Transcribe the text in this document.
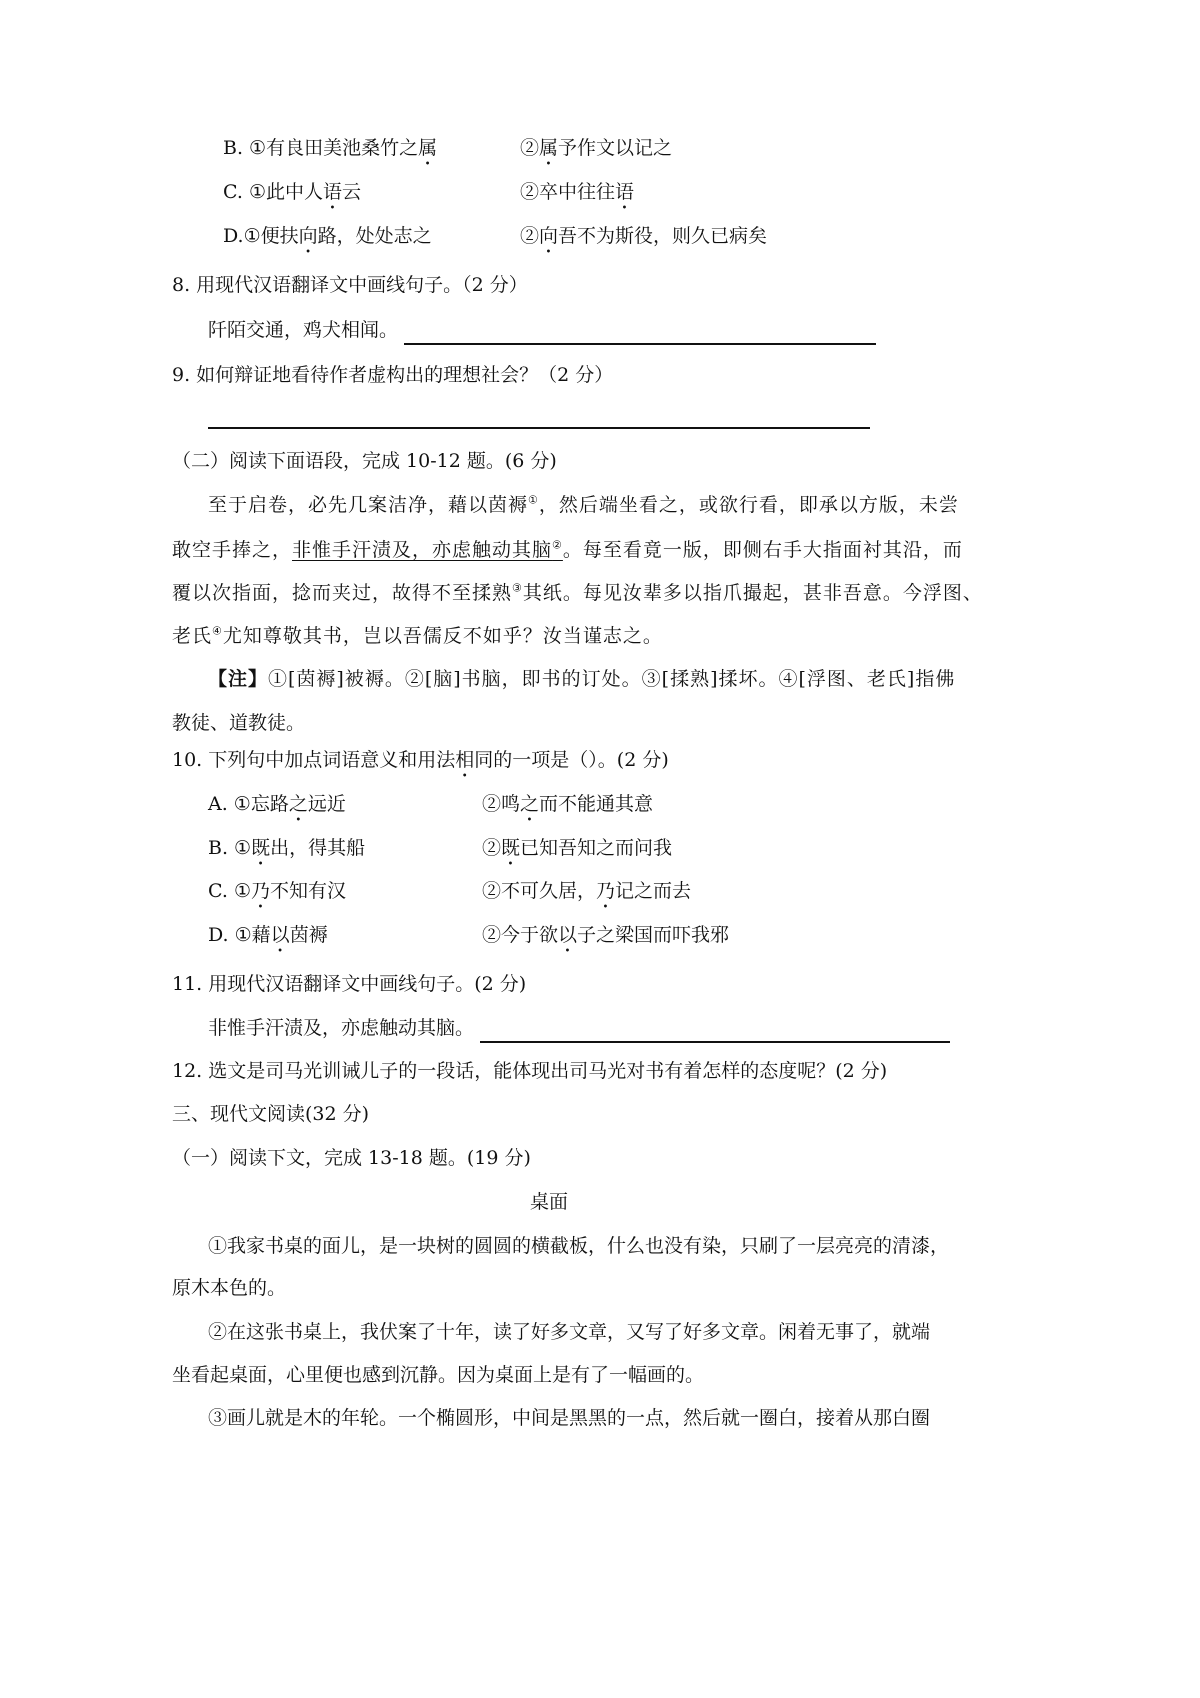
B. ①有良田美池桑竹之属	②属予作文以记之
C. ①此中人语云	②卒中往往语
D.①便扶向路，处处志之	②向吾不为斯役，则久已病矣
8. 用现代汉语翻译文中画线句子。（2 分）
阡陌交通，鸡犬相闻。
9. 如何辩证地看待作者虚构出的理想社会？（2 分）
（二）阅读下面语段，完成 10-12 题。(6 分)
至于启卷，必先几案洁净，藉以茵褥①，然后端坐看之，或欲行看，即承以方版，未尝
敢空手捧之，非惟手汗渍及，亦虑触动其脑②。每至看竟一版，即侧右手大指面衬其沿，而
覆以次指面，捻而夹过，故得不至揉熟③其纸。每见汝辈多以指爪撮起，甚非吾意。今浮图、
老氏④尤知尊敬其书，岂以吾儒反不如乎？汝当谨志之。
【注】①[茵褥]被褥。②[脑]书脑，即书的订处。③[揉熟]揉坏。④[浮图、老氏]指佛
教徒、道教徒。
10. 下列句中加点词语意义和用法相同的一项是（）。(2 分)
A. ①忘路之远近	②鸣之而不能通其意
B. ①既出，得其船	②既已知吾知之而问我
C. ①乃不知有汉	②不可久居，乃记之而去
D. ①藉以茵褥	②今于欲以子之梁国而吓我邪
11. 用现代汉语翻译文中画线句子。(2 分)
非惟手汗渍及，亦虑触动其脑。
12. 选文是司马光训诫儿子的一段话，能体现出司马光对书有着怎样的态度呢？(2 分)
三、现代文阅读(32 分)
（一）阅读下文，完成 13-18 题。(19 分)
桌面
①我家书桌的面儿，是一块树的圆圆的横截板，什么也没有染，只刷了一层亮亮的清漆，
原木本色的。
②在这张书桌上，我伏案了十年，读了好多文章，又写了好多文章。闲着无事了，就端
坐看起桌面，心里便也感到沉静。因为桌面上是有了一幅画的。
③画儿就是木的年轮。一个椭圆形，中间是黑黑的一点，然后就一圈白，接着从那白圈
